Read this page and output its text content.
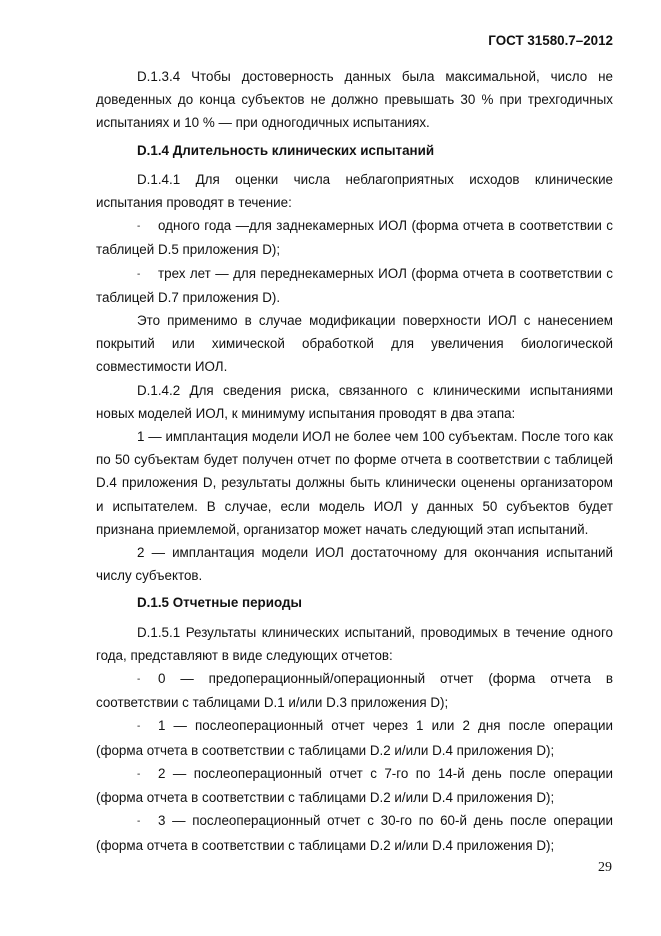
ГОСТ 31580.7–2012

D.1.3.4 Чтобы достоверность данных была максимальной, число не доведенных до конца субъектов не должно превышать 30 % при трехгодичных испытаниях и 10 % — при одногодичных испытаниях.

D.1.4 Длительность клинических испытаний

D.1.4.1 Для оценки числа неблагоприятных исходов клинические испытания проводят в течение:

- одного года —для заднекамерных ИОЛ (форма отчета в соответствии с таблицей D.5 приложения D);

- трех лет — для переднекамерных ИОЛ (форма отчета в соответствии с таблицей D.7 приложения D).

Это применимо в случае модификации поверхности ИОЛ с нанесением покрытий или химической обработкой для увеличения биологической совместимости ИОЛ.

D.1.4.2 Для сведения риска, связанного с клиническими испытаниями новых моделей ИОЛ, к минимуму испытания проводят в два этапа:

1 — имплантация модели ИОЛ не более чем 100 субъектам. После того как по 50 субъектам будет получен отчет по форме отчета в соответствии с таблицей D.4 приложения D, результаты должны быть клинически оценены организатором и испытателем. В случае, если модель ИОЛ у данных 50 субъектов будет признана приемлемой, организатор может начать следующий этап испытаний.

2 — имплантация модели ИОЛ достаточному для окончания испытаний числу субъектов.

D.1.5 Отчетные периоды

D.1.5.1 Результаты клинических испытаний, проводимых в течение одного года, представляют в виде следующих отчетов:

- 0 — предоперационный/операционный отчет (форма отчета в соответствии с таблицами D.1 и/или D.3 приложения D);

- 1 — послеоперационный отчет через 1 или 2 дня после операции (форма отчета в соответствии с таблицами D.2 и/или D.4 приложения D);

- 2 — послеоперационный отчет с 7-го по 14-й день после операции (форма отчета в соответствии с таблицами D.2 и/или D.4 приложения D);

- 3 — послеоперационный отчет с 30-го по 60-й день после операции (форма отчета в соответствии с таблицами D.2 и/или D.4 приложения D);

29
